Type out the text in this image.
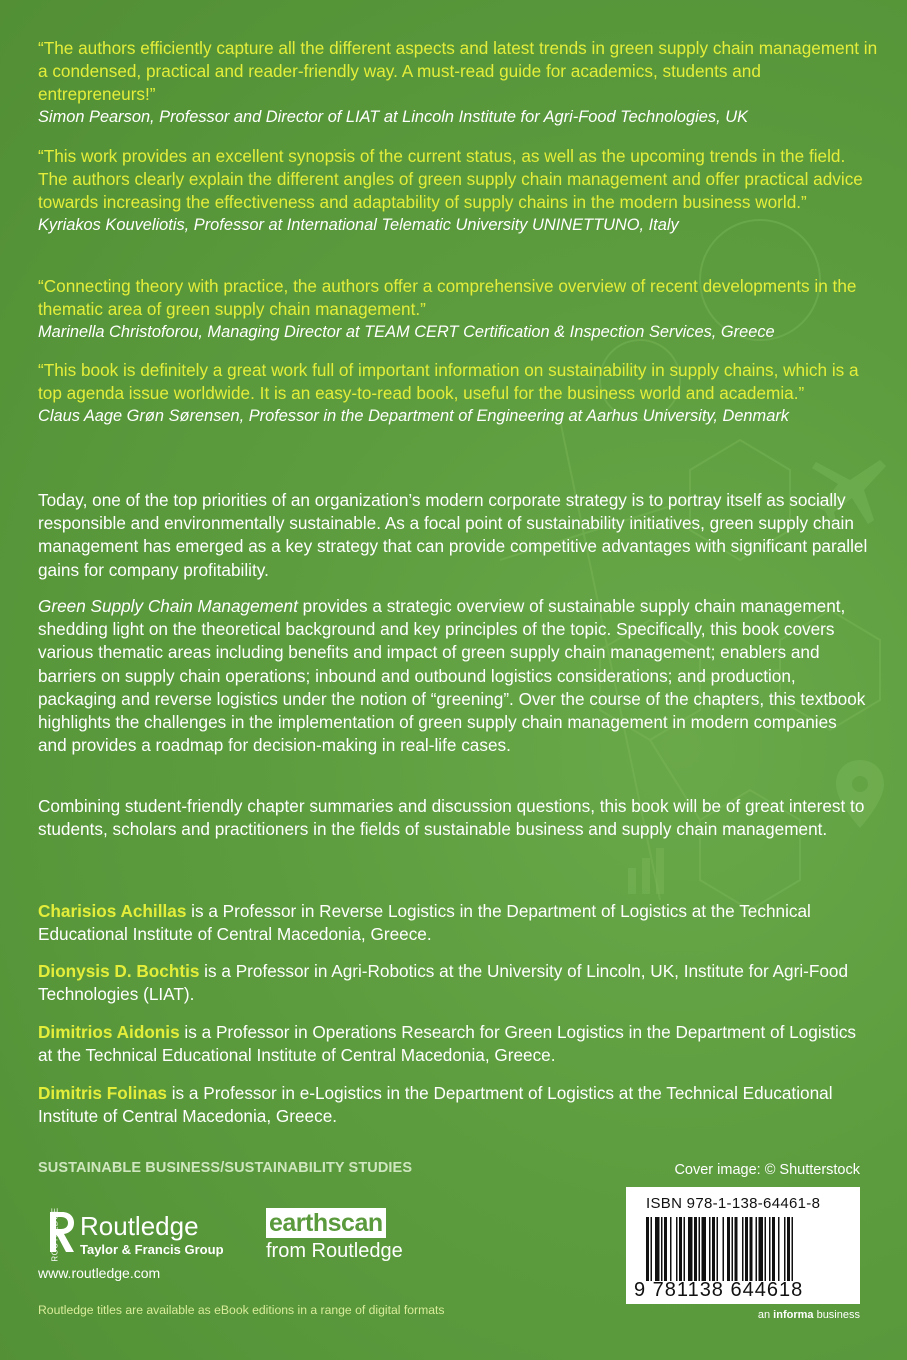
“The authors efficiently capture all the different aspects and latest trends in green supply chain management in a condensed, practical and reader-friendly way. A must-read guide for academics, students and entrepreneurs!”
Simon Pearson, Professor and Director of LIAT at Lincoln Institute for Agri-Food Technologies, UK
“This work provides an excellent synopsis of the current status, as well as the upcoming trends in the field. The authors clearly explain the different angles of green supply chain management and offer practical advice towards increasing the effectiveness and adaptability of supply chains in the modern business world.”
Kyriakos Kouveliotis, Professor at International Telematic University UNINETTUNO, Italy
“Connecting theory with practice, the authors offer a comprehensive overview of recent developments in the thematic area of green supply chain management.”
Marinella Christoforou, Managing Director at TEAM CERT Certification & Inspection Services, Greece
“This book is definitely a great work full of important information on sustainability in supply chains, which is a top agenda issue worldwide. It is an easy-to-read book, useful for the business world and academia.”
Claus Aage Grøn Sørensen, Professor in the Department of Engineering at Aarhus University, Denmark
Today, one of the top priorities of an organization’s modern corporate strategy is to portray itself as socially responsible and environmentally sustainable. As a focal point of sustainability initiatives, green supply chain management has emerged as a key strategy that can provide competitive advantages with significant parallel gains for company profitability.
Green Supply Chain Management provides a strategic overview of sustainable supply chain management, shedding light on the theoretical background and key principles of the topic. Specifically, this book covers various thematic areas including benefits and impact of green supply chain management; enablers and barriers on supply chain operations; inbound and outbound logistics considerations; and production, packaging and reverse logistics under the notion of “greening”. Over the course of the chapters, this textbook highlights the challenges in the implementation of green supply chain management in modern companies and provides a roadmap for decision-making in real-life cases.
Combining student-friendly chapter summaries and discussion questions, this book will be of great interest to students, scholars and practitioners in the fields of sustainable business and supply chain management.
Charisios Achillas is a Professor in Reverse Logistics in the Department of Logistics at the Technical Educational Institute of Central Macedonia, Greece.
Dionysis D. Bochtis is a Professor in Agri-Robotics at the University of Lincoln, UK, Institute for Agri-Food Technologies (LIAT).
Dimitrios Aidonis is a Professor in Operations Research for Green Logistics in the Department of Logistics at the Technical Educational Institute of Central Macedonia, Greece.
Dimitris Folinas is a Professor in e-Logistics in the Department of Logistics at the Technical Educational Institute of Central Macedonia, Greece.
SUSTAINABLE BUSINESS/SUSTAINABILITY STUDIES	Cover image: © Shutterstock
Routledge
Taylor & Francis Group
earthscan
from Routledge
www.routledge.com
Routledge titles are available as eBook editions in a range of digital formats
ISBN 978-1-138-64461-8
9 781138 644618
an informa business
